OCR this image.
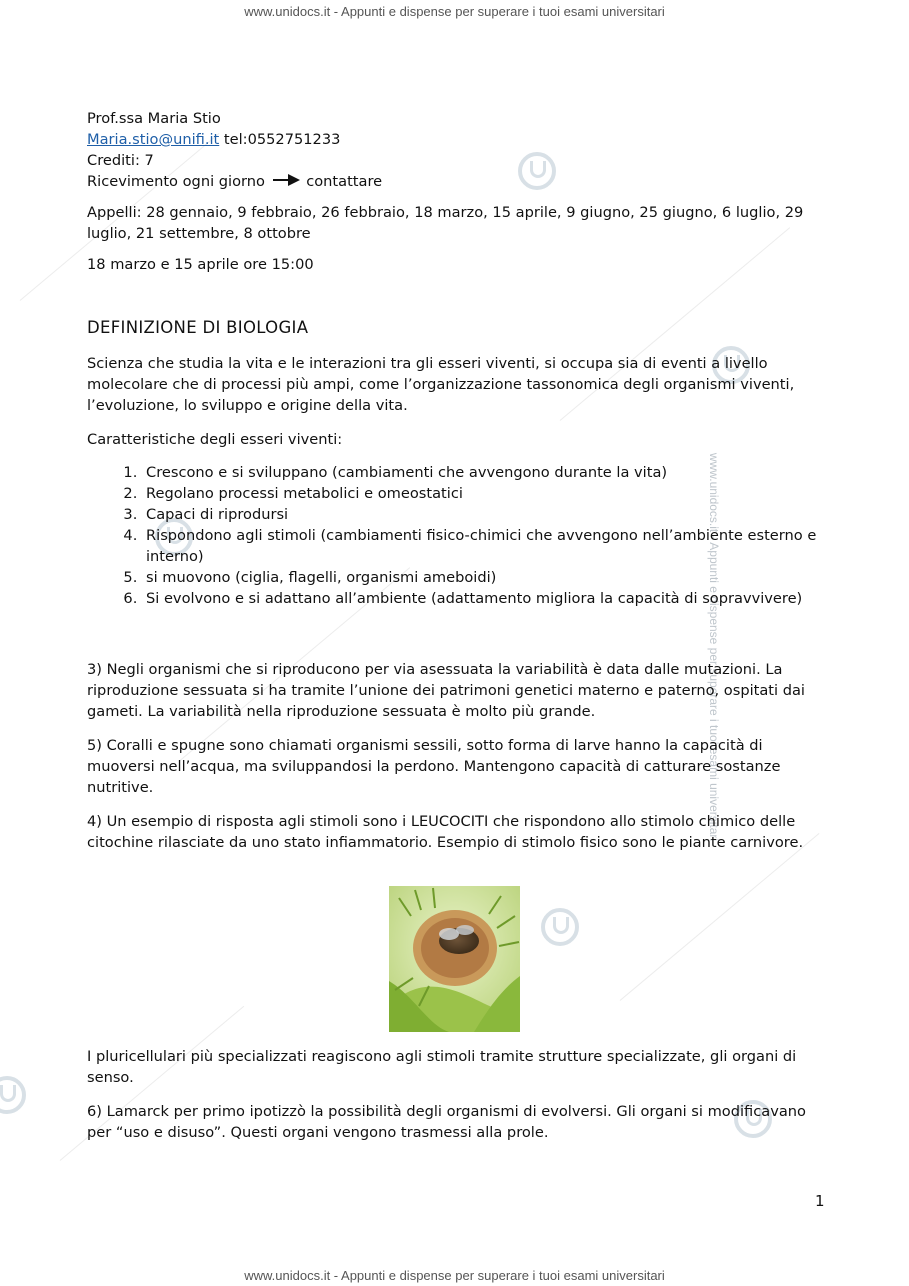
www.unidocs.it - Appunti e dispense per superare i tuoi esami universitari
www.unidocs.it - Appunti e dispense per superare i tuoi esami universitari
www.unidocs.it - Appunti e dispense per superare i tuoi esami universitari

Prof.ssa Maria Stio

Maria.stio@unifi.it tel:0552751233

Crediti: 7

Ricevimento ogni giorno	contattare

Appelli: 28 gennaio, 9 febbraio, 26 febbraio, 18 marzo, 15 aprile, 9 giugno, 25 giugno, 6 luglio, 29 luglio, 21 settembre, 8 ottobre

18 marzo e 15 aprile ore 15:00

DEFINIZIONE DI BIOLOGIA

Scienza che studia la vita e le interazioni tra gli esseri viventi, si occupa sia di eventi a livello molecolare che di processi più ampi, come l’organizzazione tassonomica degli organismi viventi, l’evoluzione, lo sviluppo e origine della vita.

Caratteristiche degli esseri viventi:

1. Crescono e si sviluppano (cambiamenti che avvengono durante la vita)
2. Regolano processi metabolici e omeostatici
3. Capaci di riprodursi
4. Rispondono agli stimoli (cambiamenti fisico-chimici che avvengono nell’ambiente esterno e interno)
5. si muovono (ciglia, flagelli, organismi ameboidi)
6. Si evolvono e si adattano all’ambiente (adattamento migliora la capacità di sopravvivere)

3) Negli organismi che si riproducono per via asessuata la variabilità è data dalle mutazioni. La riproduzione sessuata si ha tramite l’unione dei patrimoni genetici materno e paterno, ospitati dai gameti. La variabilità nella riproduzione sessuata è molto più grande.

5) Coralli e spugne sono chiamati organismi sessili, sotto forma di larve hanno la capacità di muoversi nell’acqua, ma sviluppandosi la perdono. Mantengono capacità di catturare sostanze nutritive.

4) Un esempio di risposta agli stimoli sono i LEUCOCITI che rispondono allo stimolo chimico delle citochine rilasciate da uno stato infiammatorio. Esempio di stimolo fisico sono le piante carnivore.

I pluricellulari più specializzati reagiscono agli stimoli tramite strutture specializzate, gli organi di senso.

6) Lamarck per primo ipotizzò la possibilità degli organismi di evolversi. Gli organi si modificavano per “uso e disuso”. Questi organi vengono trasmessi alla prole.

1
